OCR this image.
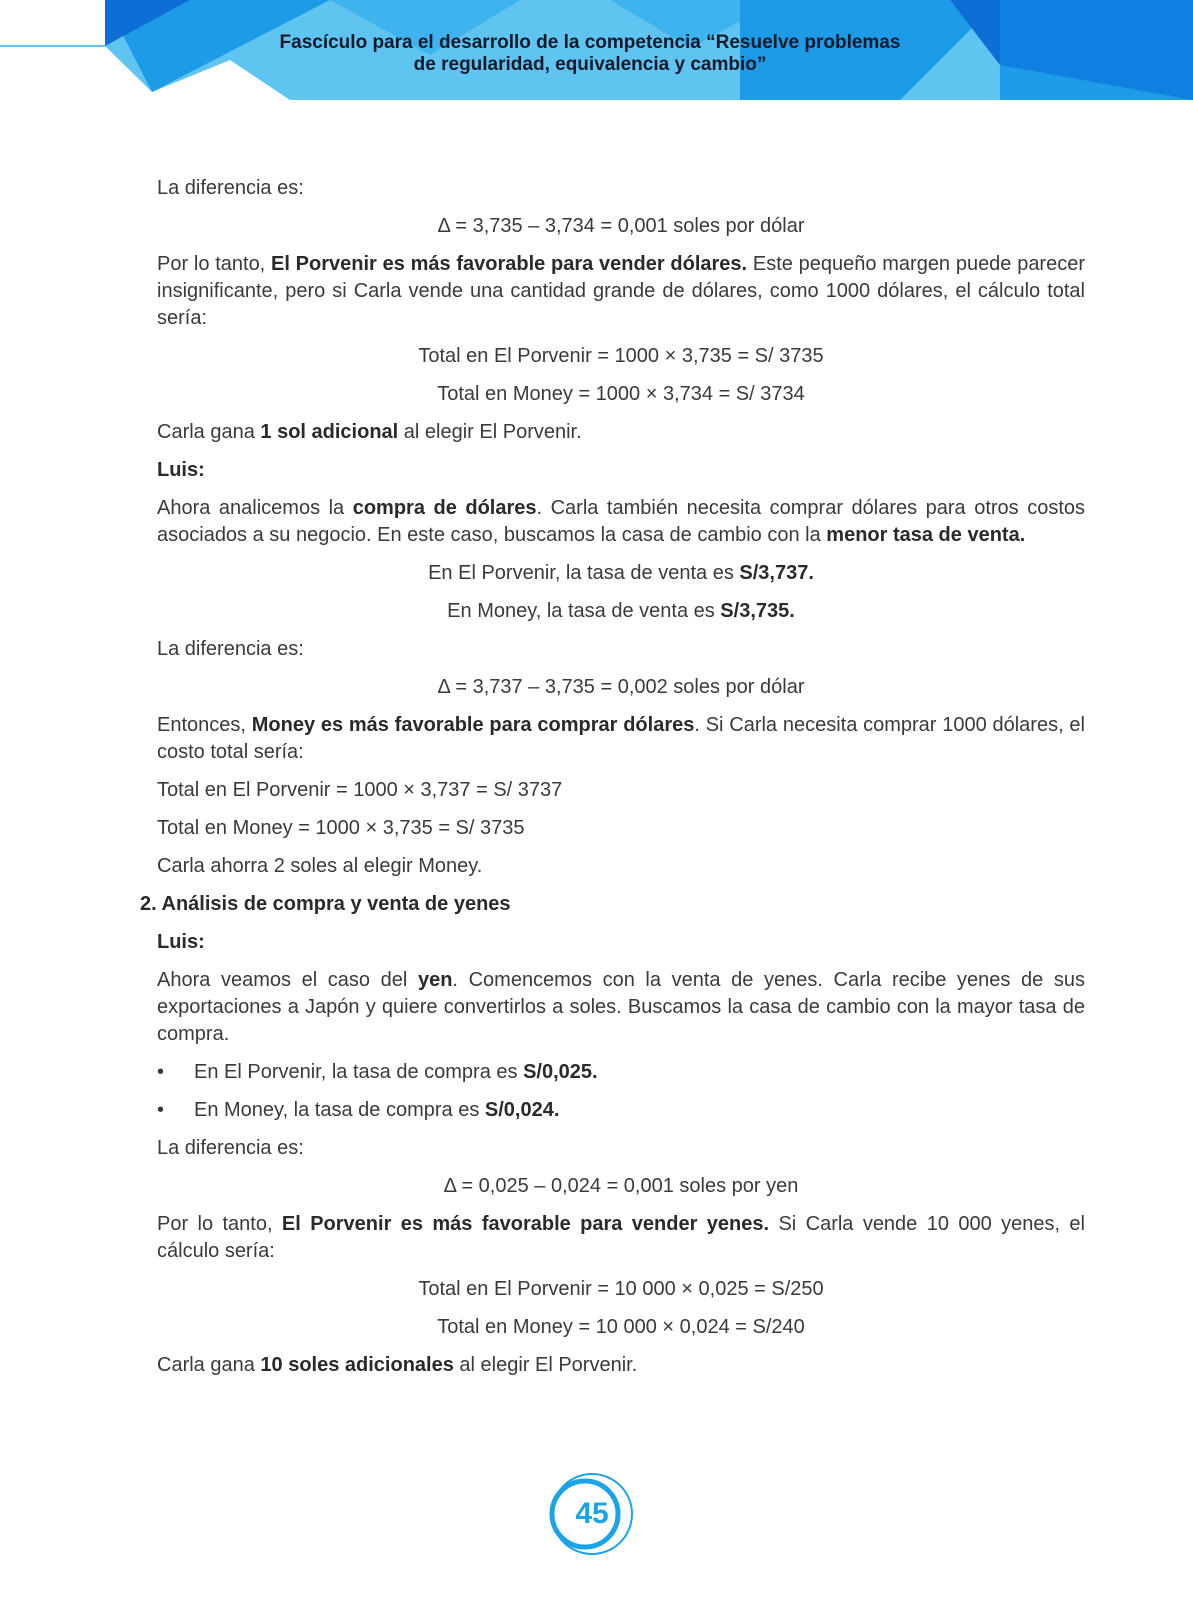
Fascículo para el desarrollo de la competencia “Resuelve problemas
de regularidad, equivalencia y cambio”

La diferencia es:

Δ = 3,735 – 3,734 = 0,001 soles por dólar

Por lo tanto, El Porvenir es más favorable para vender dólares. Este pequeño margen puede parecer insignificante, pero si Carla vende una cantidad grande de dólares, como 1000 dólares, el cálculo total sería:

Total en El Porvenir = 1000 × 3,735 = S/ 3735

Total en Money = 1000 × 3,734 = S/ 3734

Carla gana 1 sol adicional al elegir El Porvenir.

Luis:

Ahora analicemos la compra de dólares. Carla también necesita comprar dólares para otros costos asociados a su negocio. En este caso, buscamos la casa de cambio con la menor tasa de venta.

En El Porvenir, la tasa de venta es S/3,737.

En Money, la tasa de venta es S/3,735.

La diferencia es:

Δ = 3,737 – 3,735 = 0,002 soles por dólar

Entonces, Money es más favorable para comprar dólares. Si Carla necesita comprar 1000 dólares, el costo total sería:

Total en El Porvenir = 1000 × 3,737 = S/ 3737

Total en Money = 1000 × 3,735 = S/ 3735

Carla ahorra 2 soles al elegir Money.

2. Análisis de compra y venta de yenes

Luis:

Ahora veamos el caso del yen. Comencemos con la venta de yenes. Carla recibe yenes de sus exportaciones a Japón y quiere convertirlos a soles. Buscamos la casa de cambio con la mayor tasa de compra.

•	En El Porvenir, la tasa de compra es S/0,025.
•	En Money, la tasa de compra es S/0,024.

La diferencia es:

Δ = 0,025 – 0,024 = 0,001 soles por yen

Por lo tanto, El Porvenir es más favorable para vender yenes. Si Carla vende 10 000 yenes, el cálculo sería:

Total en El Porvenir = 10 000 × 0,025 = S/250

Total en Money = 10 000 × 0,024 = S/240

Carla gana 10 soles adicionales al elegir El Porvenir.

45
